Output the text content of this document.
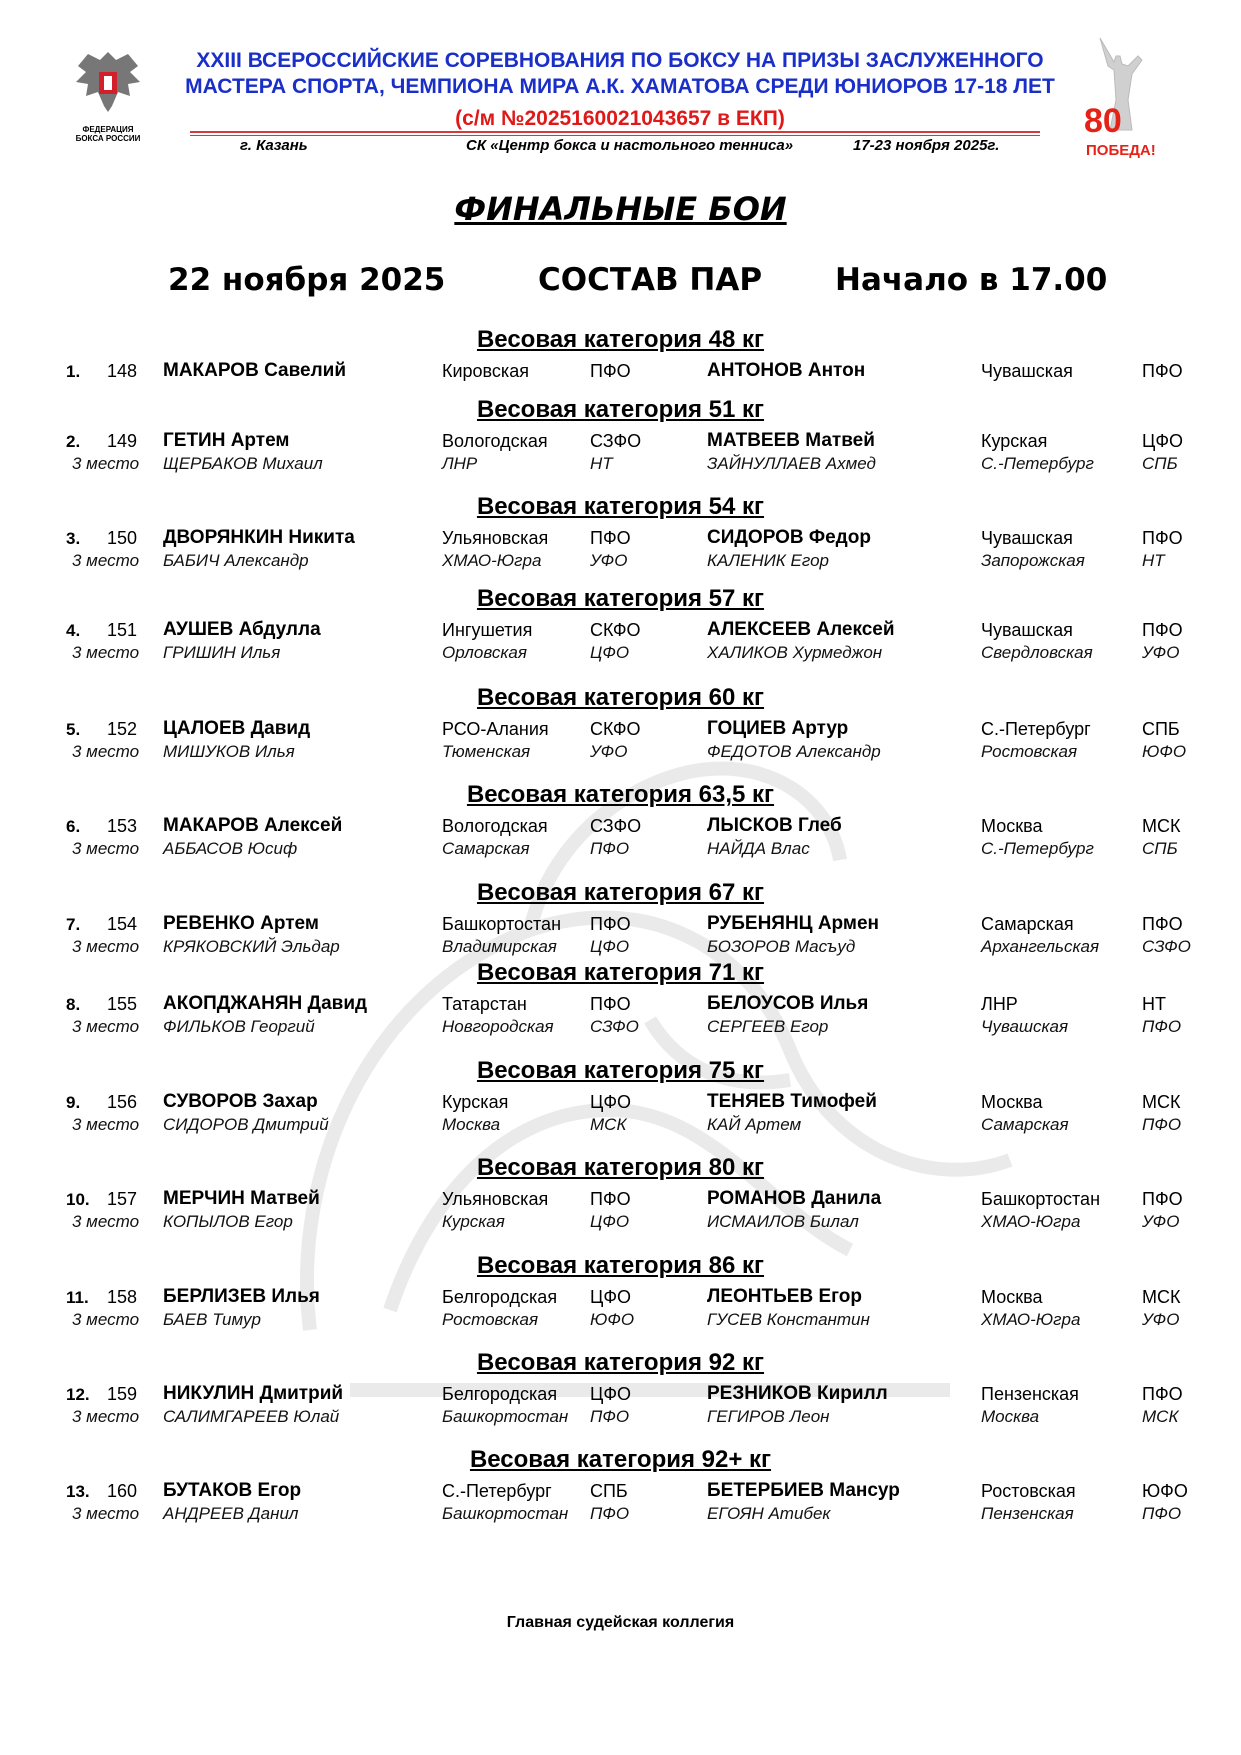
ФЕДЕРАЦИЯ
БОКСА РОССИИ	80
ПОБЕДА!
XXIII ВСЕРОССИЙСКИЕ СОРЕВНОВАНИЯ ПО БОКСУ НА ПРИЗЫ ЗАСЛУЖЕННОГО
МАСТЕРА СПОРТА, ЧЕМПИОНА МИРА А.К. ХАМАТОВА СРЕДИ ЮНИОРОВ 17-18 ЛЕТ
(с/м №2025160021043657 в ЕКП)
г. Казань	СК «Центр бокса и настольного тенниса»	17-23 ноября 2025г.
ФИНАЛЬНЫЕ БОИ
22 ноября 2025	СОСТАВ ПАР Начало в 17.00
Весовая категория 48 кг
1. 148 МАКАРОВ Савелий	Кировская	ПФО	АНТОНОВ Антон	Чувашская	ПФО
Весовая категория 51 кг
2. 149 ГЕТИН Артем	Вологодская СЗФО	МАТВЕЕВ Матвей	Курская	ЦФО
3 место ЩЕРБАКОВ Михаил	ЛНР	НТ	ЗАЙНУЛЛАЕВ Ахмед	С.-Петербург	СПБ
Весовая категория 54 кг
3. 150 ДВОРЯНКИН Никита	Ульяновская ПФО	СИДОРОВ Федор	Чувашская	ПФО
3 место БАБИЧ Александр	ХМАО-Югра	УФО	КАЛЕНИК Егор	Запорожская	НТ
Весовая категория 57 кг
4. 151 АУШЕВ Абдулла	Ингушетия	СКФО	АЛЕКСЕЕВ Алексей	Чувашская	ПФО
3 место ГРИШИН Илья	Орловская	ЦФО	ХАЛИКОВ Хурмеджон	Свердловская	УФО
Весовая категория 60 кг
5. 152 ЦАЛОЕВ Давид	РСО-Алания СКФО	ГОЦИЕВ Артур	С.-Петербург	СПБ
3 место МИШУКОВ Илья	Тюменская	УФО	ФЕДОТОВ Александр	Ростовская	ЮФО
Весовая категория 63,5 кг
6. 153 МАКАРОВ Алексей	Вологодская СЗФО	ЛЫСКОВ Глеб	Москва	МСК
3 место АББАСОВ Юсиф	Самарская	ПФО	НАЙДА Влас	С.-Петербург	СПБ
Весовая категория 67 кг
7. 154 РЕВЕНКО Артем	Башкортостан ПФО	РУБЕНЯНЦ Армен	Самарская	ПФО
3 место КРЯКОВСКИЙ Эльдар	Владимирская ЦФО	БОЗОРОВ Масъуд	Архангельская	СЗФО
Весовая категория 71 кг
8. 155 АКОПДЖАНЯН Давид	Татарстан	ПФО	БЕЛОУСОВ Илья	ЛНР	НТ
3 место ФИЛЬКОВ Георгий	Новгородская СЗФО	СЕРГЕЕВ Егор	Чувашская	ПФО
Весовая категория 75 кг
9. 156 СУВОРОВ Захар	Курская	ЦФО	ТЕНЯЕВ Тимофей	Москва	МСК
3 место СИДОРОВ Дмитрий	Москва	МСК	КАЙ Артем	Самарская	ПФО
Весовая категория 80 кг
10. 157 МЕРЧИН Матвей	Ульяновская ПФО	РОМАНОВ Данила	Башкортостан ПФО
3 место КОПЫЛОВ Егор	Курская	ЦФО	ИСМАИЛОВ Билал	ХМАО-Югра	УФО
Весовая категория 86 кг
11. 158 БЕРЛИЗЕВ Илья	Белгородская ЦФО	ЛЕОНТЬЕВ Егор	Москва	МСК
3 место БАЕВ Тимур	Ростовская	ЮФО	ГУСЕВ Константин	ХМАО-Югра	УФО
Весовая категория 92 кг
12. 159 НИКУЛИН Дмитрий	Белгородская ЦФО	РЕЗНИКОВ Кирилл	Пензенская	ПФО
3 место САЛИМГАРЕЕВ Юлай	Башкортостан ПФО	ГЕГИРОВ Леон	Москва	МСК
Весовая категория 92+ кг
13. 160 БУТАКОВ Егор	С.-Петербург СПБ	БЕТЕРБИЕВ Мансур	Ростовская	ЮФО
3 место АНДРЕЕВ Данил	Башкортостан ПФО	ЕГОЯН Атибек	Пензенская	ПФО
Главная судейская коллегия
